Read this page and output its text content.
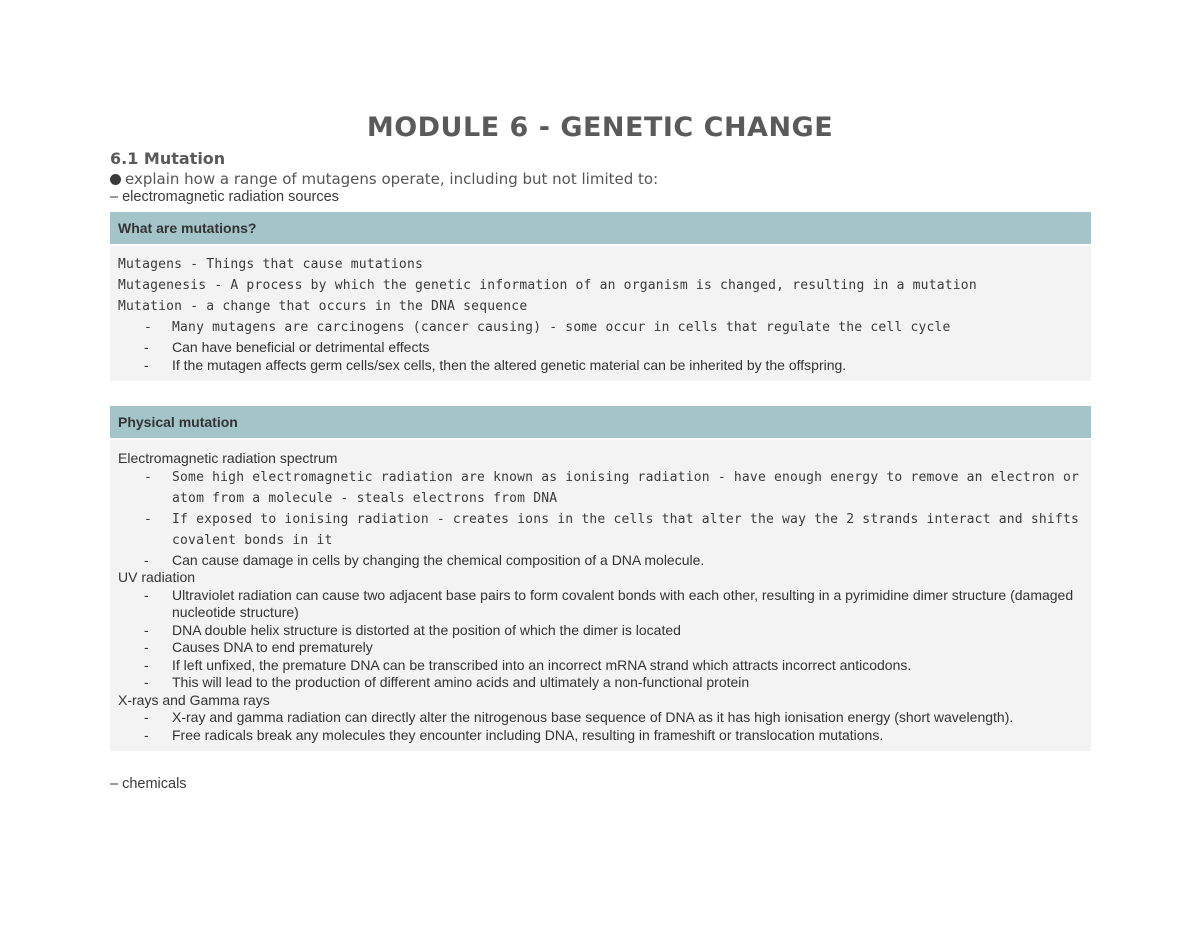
MODULE 6 - GENETIC CHANGE
6.1 Mutation
explain how a range of mutagens operate, including but not limited to:
– electromagnetic radiation sources
What are mutations?
Mutagens - Things that cause mutations
Mutagenesis - A process by which the genetic information of an organism is changed, resulting in a mutation
Mutation - a change that occurs in the DNA sequence
- Many mutagens are carcinogens (cancer causing) - some occur in cells that regulate the cell cycle
- Can have beneficial or detrimental effects
- If the mutagen affects germ cells/sex cells, then the altered genetic material can be inherited by the offspring.
Physical mutation
Electromagnetic radiation spectrum
- Some high electromagnetic radiation are known as ionising radiation - have enough energy to remove an electron or atom from a molecule - steals electrons from DNA
- If exposed to ionising radiation - creates ions in the cells that alter the way the 2 strands interact and shifts covalent bonds in it
- Can cause damage in cells by changing the chemical composition of a DNA molecule.
UV radiation
- Ultraviolet radiation can cause two adjacent base pairs to form covalent bonds with each other, resulting in a pyrimidine dimer structure (damaged nucleotide structure)
- DNA double helix structure is distorted at the position of which the dimer is located
- Causes DNA to end prematurely
- If left unfixed, the premature DNA can be transcribed into an incorrect mRNA strand which attracts incorrect anticodons.
- This will lead to the production of different amino acids and ultimately a non-functional protein
X-rays and Gamma rays
- X-ray and gamma radiation can directly alter the nitrogenous base sequence of DNA as it has high ionisation energy (short wavelength).
- Free radicals break any molecules they encounter including DNA, resulting in frameshift or translocation mutations.
– chemicals
